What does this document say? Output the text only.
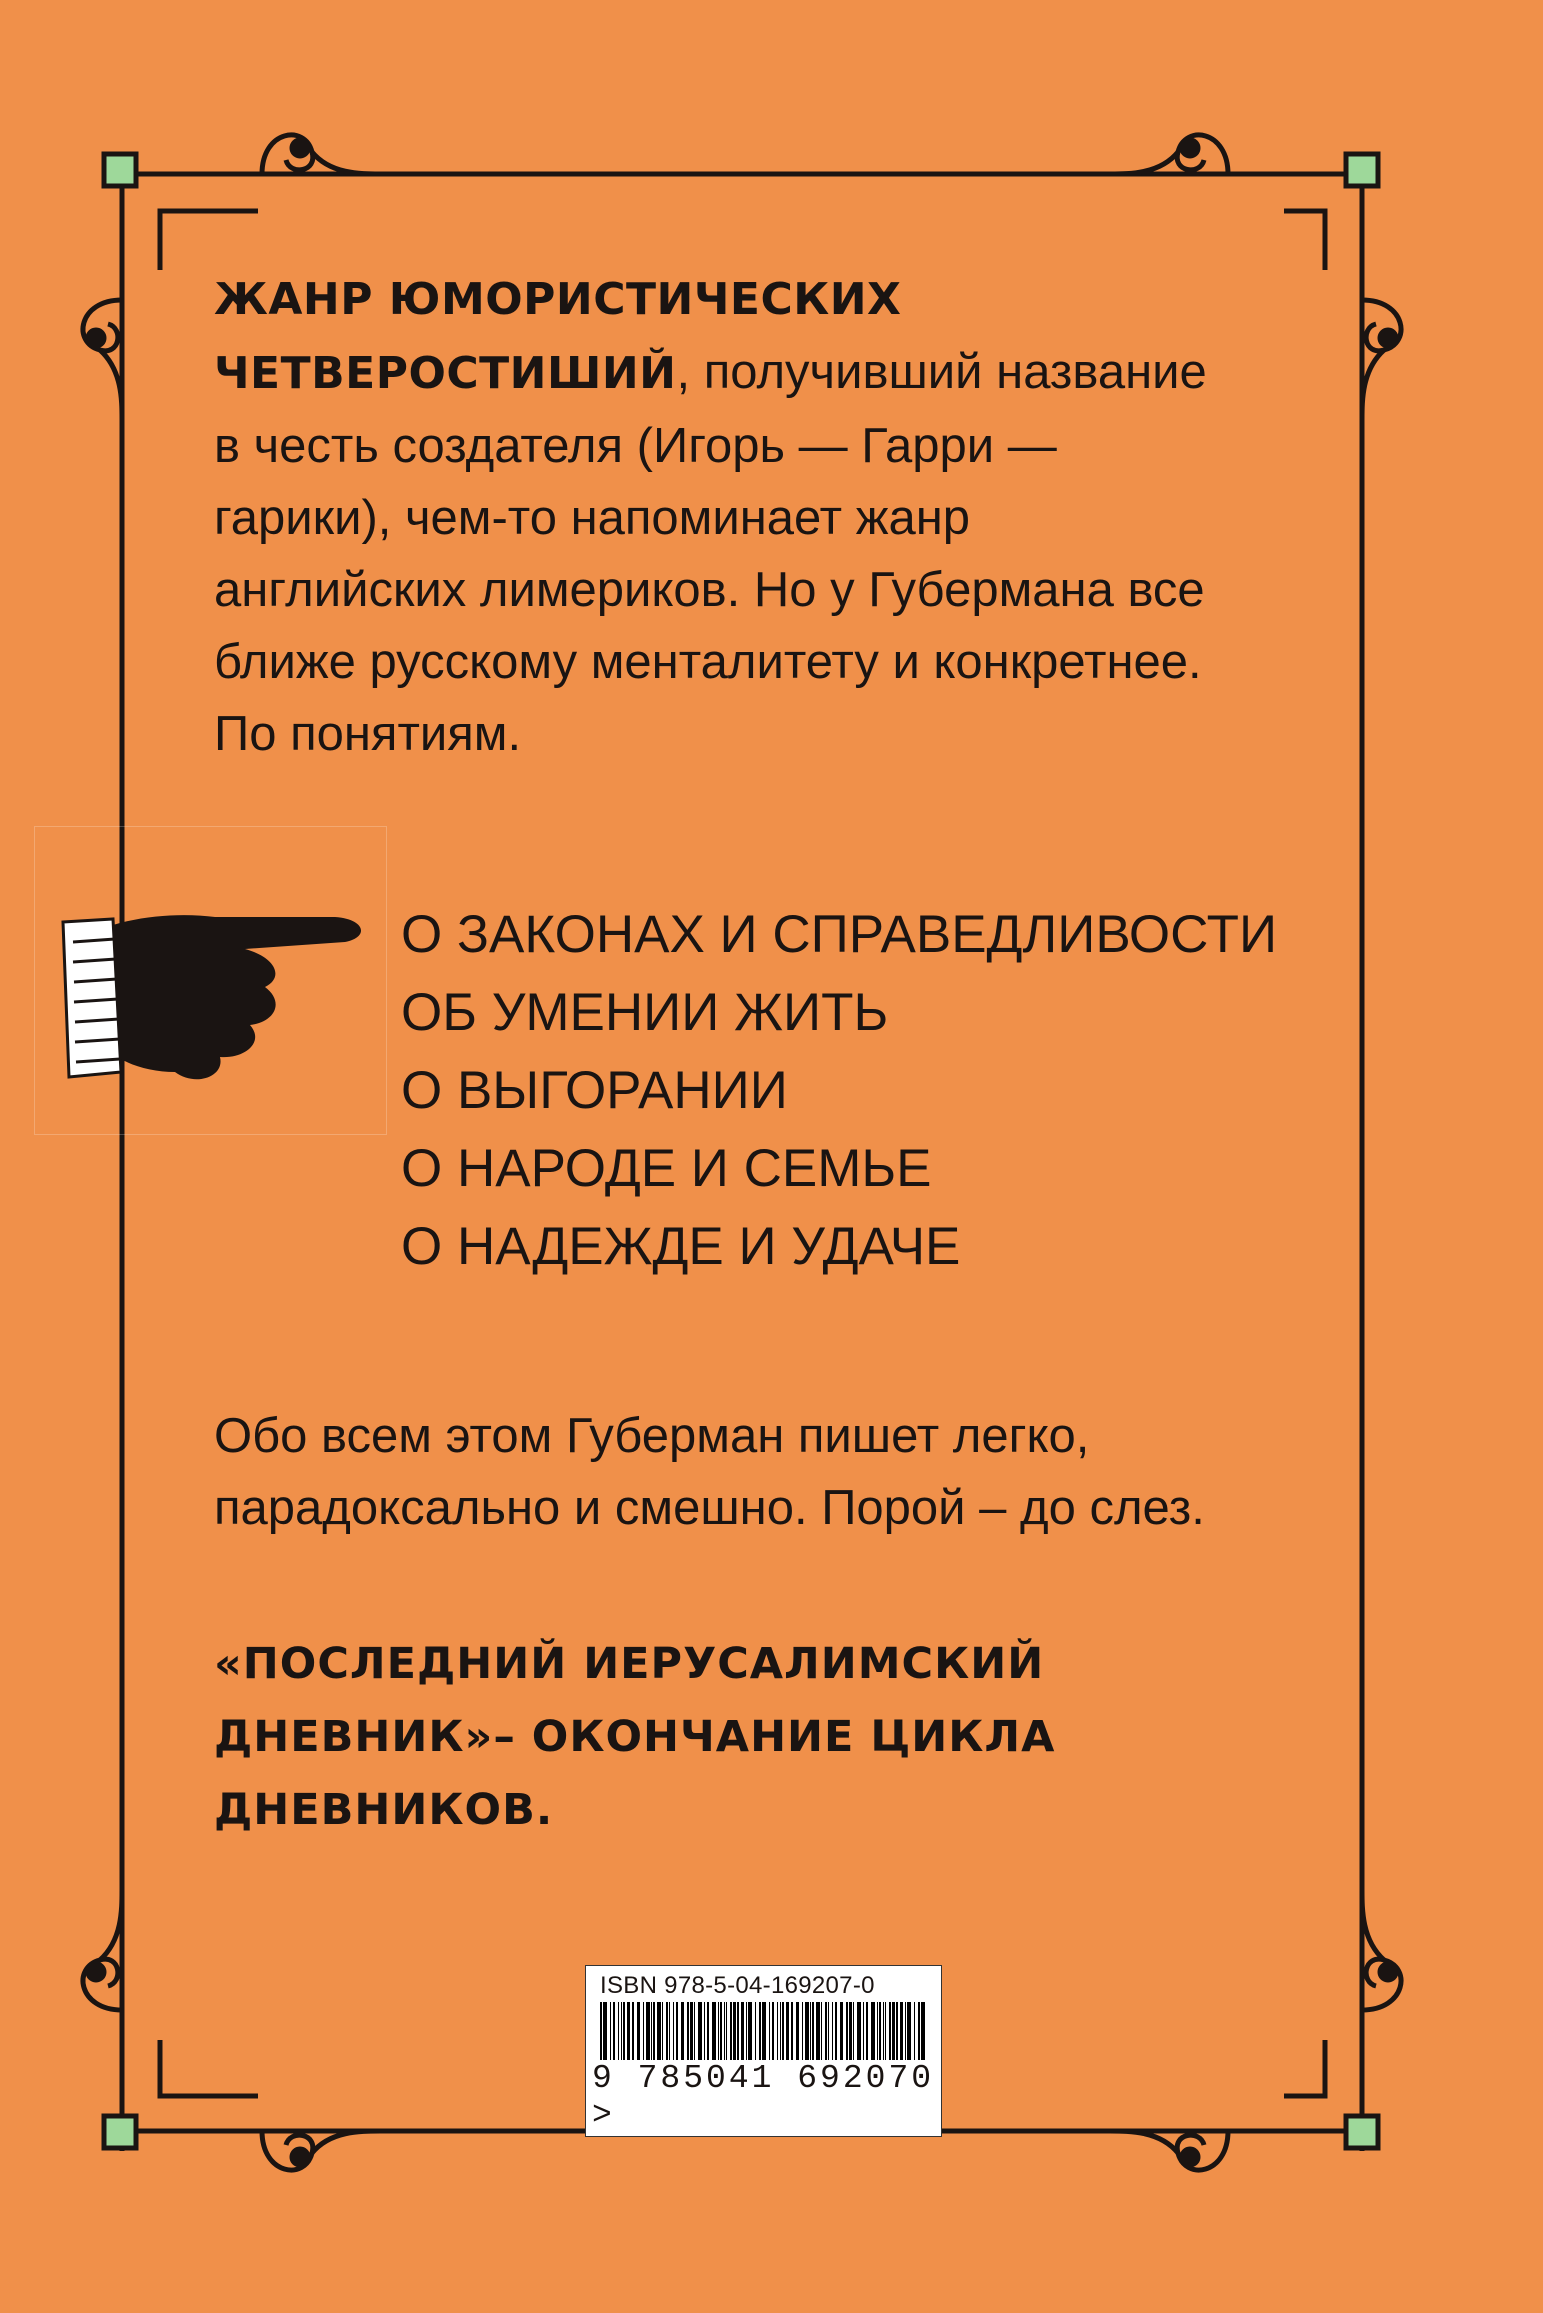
ЖАНР ЮМОРИСТИЧЕСКИХ ЧЕТВЕРОСТИШИЙ, получивший название в честь создателя (Игорь — Гарри — гарики), чем-то напоминает жанр английских лимериков. Но у Губермана все ближе русскому менталитету и конкретнее. По понятиям.

О ЗАКОНАХ И СПРАВЕДЛИВОСТИ
ОБ УМЕНИИ ЖИТЬ
О ВЫГОРАНИИ
О НАРОДЕ И СЕМЬЕ
О НАДЕЖДЕ И УДАЧЕ

Обо всем этом Губерман пишет легко, парадоксально и смешно. Порой – до слез.

«ПОСЛЕДНИЙ ИЕРУСАЛИМСКИЙ ДНЕВНИК»– ОКОНЧАНИЕ ЦИКЛА ДНЕВНИКОВ.

ISBN 978-5-04-169207-0
9 785041 692070 >
